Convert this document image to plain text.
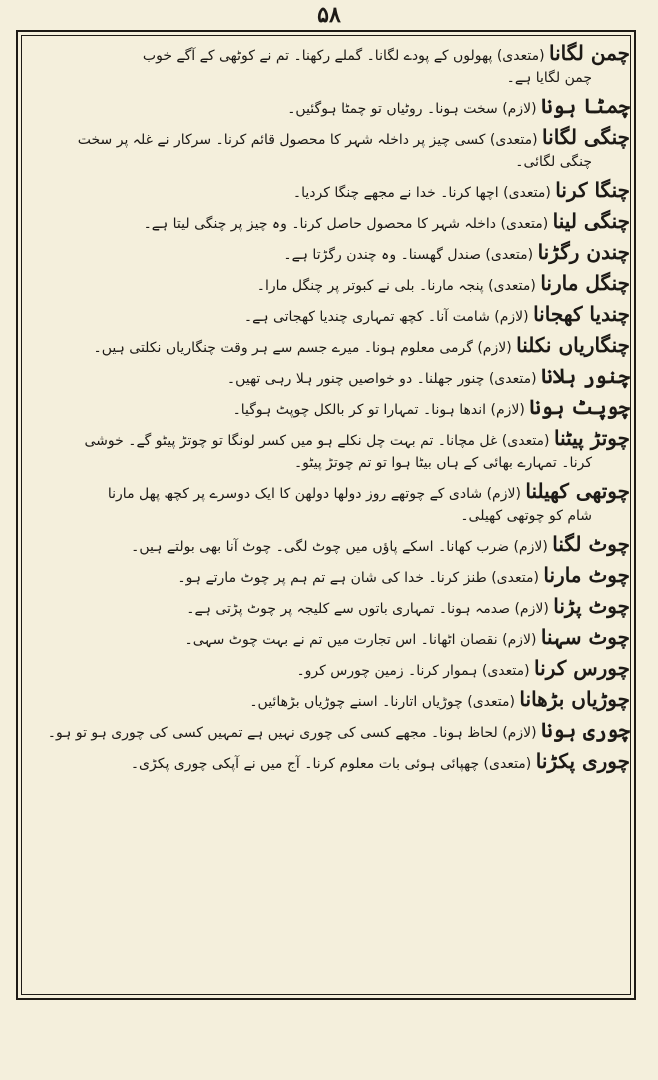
۵۸
چمن لگانا (متعدی) پھولوں کے پودے لگانا۔ گملے رکھنا۔ تم نے کوٹھی کے آگے خوب
چمن لگایا ہے۔
چمٹا ہونا (لازم) سخت ہونا۔ روٹیاں تو چمٹا ہوگئیں۔
چنگی لگانا (متعدی) کسی چیز پر داخلہ شہر کا محصول قائم کرنا۔ سرکار نے غلہ پر سخت
چنگی لگائی۔
چنگا کرنا (متعدی) اچھا کرنا۔ خدا نے مجھے چنگا کردیا۔
چنگی لینا (متعدی) داخلہ شہر کا محصول حاصل کرنا۔ وہ چیز پر چنگی لیتا ہے۔
چندن رگڑنا (متعدی) صندل گھسنا۔ وہ چندن رگڑتا ہے۔
چنگل مارنا (متعدی) پنجہ مارنا۔ بلی نے کبوتر پر چنگل مارا۔
چندیا کھجانا (لازم) شامت آنا۔ کچھ تمہاری چندیا کھجاتی ہے۔
چنگاریاں نکلنا (لازم) گرمی معلوم ہونا۔ میرے جسم سے ہر وقت چنگاریاں نکلتی ہیں۔
چنور ہلانا (متعدی) چنور جھلنا۔ دو خواصیں چنور ہلا رہی تھیں۔
چوپٹ ہونا (لازم) اندھا ہونا۔ تمہارا تو کر بالکل چوپٹ ہوگیا۔
چوتڑ پیٹنا (متعدی) غل مچانا۔ تم بہت چل نکلے ہو میں کسر لونگا تو چوتڑ پیٹو گے۔ خوشی
کرنا۔ تمہارے بھائی کے ہاں بیٹا ہوا تو تم چوتڑ پیٹو۔
چوتھی کھیلنا (لازم) شادی کے چوتھے روز دولھا دولھن کا ایک دوسرے پر کچھ پھل مارنا
شام کو چوتھی کھیلی۔
چوٹ لگنا (لازم) ضرب کھانا۔ اسکے پاؤں میں چوٹ لگی۔ چوٹ آنا بھی بولتے ہیں۔
چوٹ مارنا (متعدی) طنز کرنا۔ خدا کی شان ہے تم ہم پر چوٹ مارتے ہو۔
چوٹ پڑنا (لازم) صدمہ ہونا۔ تمہاری باتوں سے کلیجہ پر چوٹ پڑتی ہے۔
چوٹ سہنا (لازم) نقصان اٹھانا۔ اس تجارت میں تم نے بہت چوٹ سہی۔
چورس کرنا (متعدی) ہموار کرنا۔ زمین چورس کرو۔
چوڑیاں بڑھانا (متعدی) چوڑیاں اتارنا۔ اسنے چوڑیاں بڑھائیں۔
چوری ہونا (لازم) لحاظ ہونا۔ مجھے کسی کی چوری نہیں ہے تمہیں کسی کی چوری ہو تو ہو۔
چوری پکڑنا (متعدی) چھپائی ہوئی بات معلوم کرنا۔ آج میں نے آپکی چوری پکڑی۔
